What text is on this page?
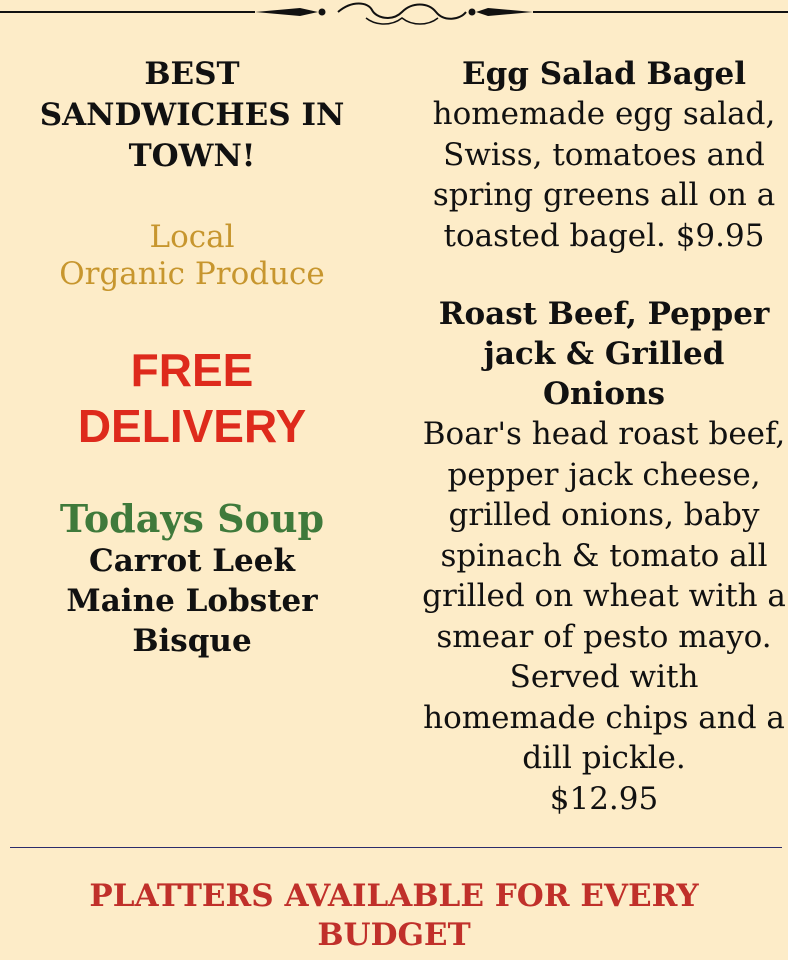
BEST SANDWICHES IN TOWN!
Local
Organic Produce
FREE
DELIVERY
Todays Soup
Carrot Leek
Maine Lobster
Bisque
Egg Salad Bagel
homemade egg salad, Swiss, tomatoes and spring greens all on a toasted bagel. $9.95
Roast Beef, Pepper jack & Grilled Onions
Boar's head roast beef, pepper jack cheese, grilled onions, baby spinach & tomato all grilled on wheat with a smear of pesto mayo. Served with homemade chips and a dill pickle.
$12.95
PLATTERS AVAILABLE FOR EVERY BUDGET
